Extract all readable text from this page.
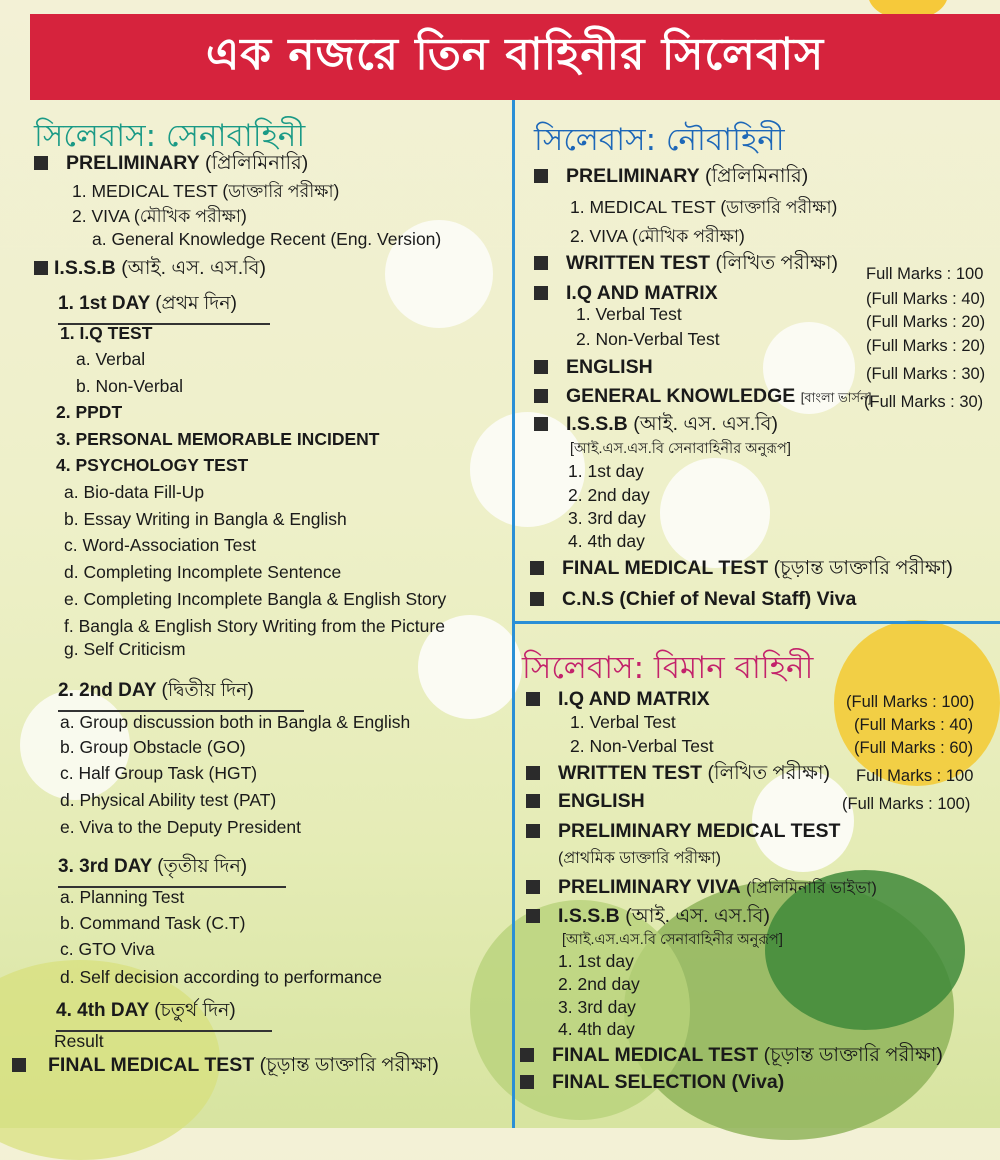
এক নজরে তিন বাহিনীর সিলেবাস
সিলেবাস: সেনাবাহিনী
PRELIMINARY (প্রিলিমিনারি)
1. MEDICAL TEST (ডাক্তারি পরীক্ষা)
2. VIVA (মৌখিক পরীক্ষা)
a. General Knowledge Recent (Eng. Version)
I.S.S.B (আই. এস. এস.বি)
1. 1st DAY (প্রথম দিন)
1. I.Q TEST
a. Verbal
b. Non-Verbal
2. PPDT
3. PERSONAL MEMORABLE INCIDENT
4. PSYCHOLOGY TEST
a. Bio-data Fill-Up
b. Essay Writing in Bangla & English
c. Word-Association Test
d. Completing Incomplete Sentence
e. Completing Incomplete Bangla & English Story
f. Bangla & English Story Writing from the Picture
g. Self Criticism
2. 2nd DAY (দ্বিতীয় দিন)
a. Group discussion both in Bangla & English
b. Group Obstacle (GO)
c. Half Group Task (HGT)
d. Physical Ability test (PAT)
e. Viva to the Deputy President
3. 3rd DAY (তৃতীয় দিন)
a. Planning Test
b. Command Task (C.T)
c. GTO Viva
d. Self decision according to performance
4. 4th DAY (চতুর্থ দিন)
Result
FINAL MEDICAL TEST (চূড়ান্ত ডাক্তারি পরীক্ষা)
সিলেবাস: নৌবাহিনী
PRELIMINARY (প্রিলিমিনারি)
1. MEDICAL TEST (ডাক্তারি পরীক্ষা)
2. VIVA (মৌখিক পরীক্ষা)
WRITTEN TEST (লিখিত পরীক্ষা) Full Marks : 100
I.Q AND MATRIX	(Full Marks : 40)
1. Verbal Test	(Full Marks : 20)
2. Non-Verbal Test	(Full Marks : 20)
ENGLISH	(Full Marks : 30)
GENERAL KNOWLEDGE [বাংলা ভার্সন]
(Full Marks : 30)
I.S.S.B (আই. এস. এস.বি)
[আই.এস.এস.বি সেনাবাহিনীর অনুরূপ]
1. 1st day
2. 2nd day
3. 3rd day
4. 4th day
FINAL MEDICAL TEST (চূড়ান্ত ডাক্তারি পরীক্ষা)
C.N.S (Chief of Neval Staff) Viva
সিলেবাস: বিমান বাহিনী
I.Q AND MATRIX	(Full Marks : 100)
1. Verbal Test	(Full Marks : 40)
2. Non-Verbal Test	(Full Marks : 60)
WRITTEN TEST (লিখিত পরীক্ষা) Full Marks : 100
ENGLISH	(Full Marks : 100)
PRELIMINARY MEDICAL TEST
(প্রাথমিক ডাক্তারি পরীক্ষা)
PRELIMINARY VIVA (প্রিলিমিনারি ভাইভা)
I.S.S.B (আই. এস. এস.বি)
[আই.এস.এস.বি সেনাবাহিনীর অনুরূপ]
1. 1st day
2. 2nd day
3. 3rd day
4. 4th day
FINAL MEDICAL TEST (চূড়ান্ত ডাক্তারি পরীক্ষা)
FINAL SELECTION (Viva)
